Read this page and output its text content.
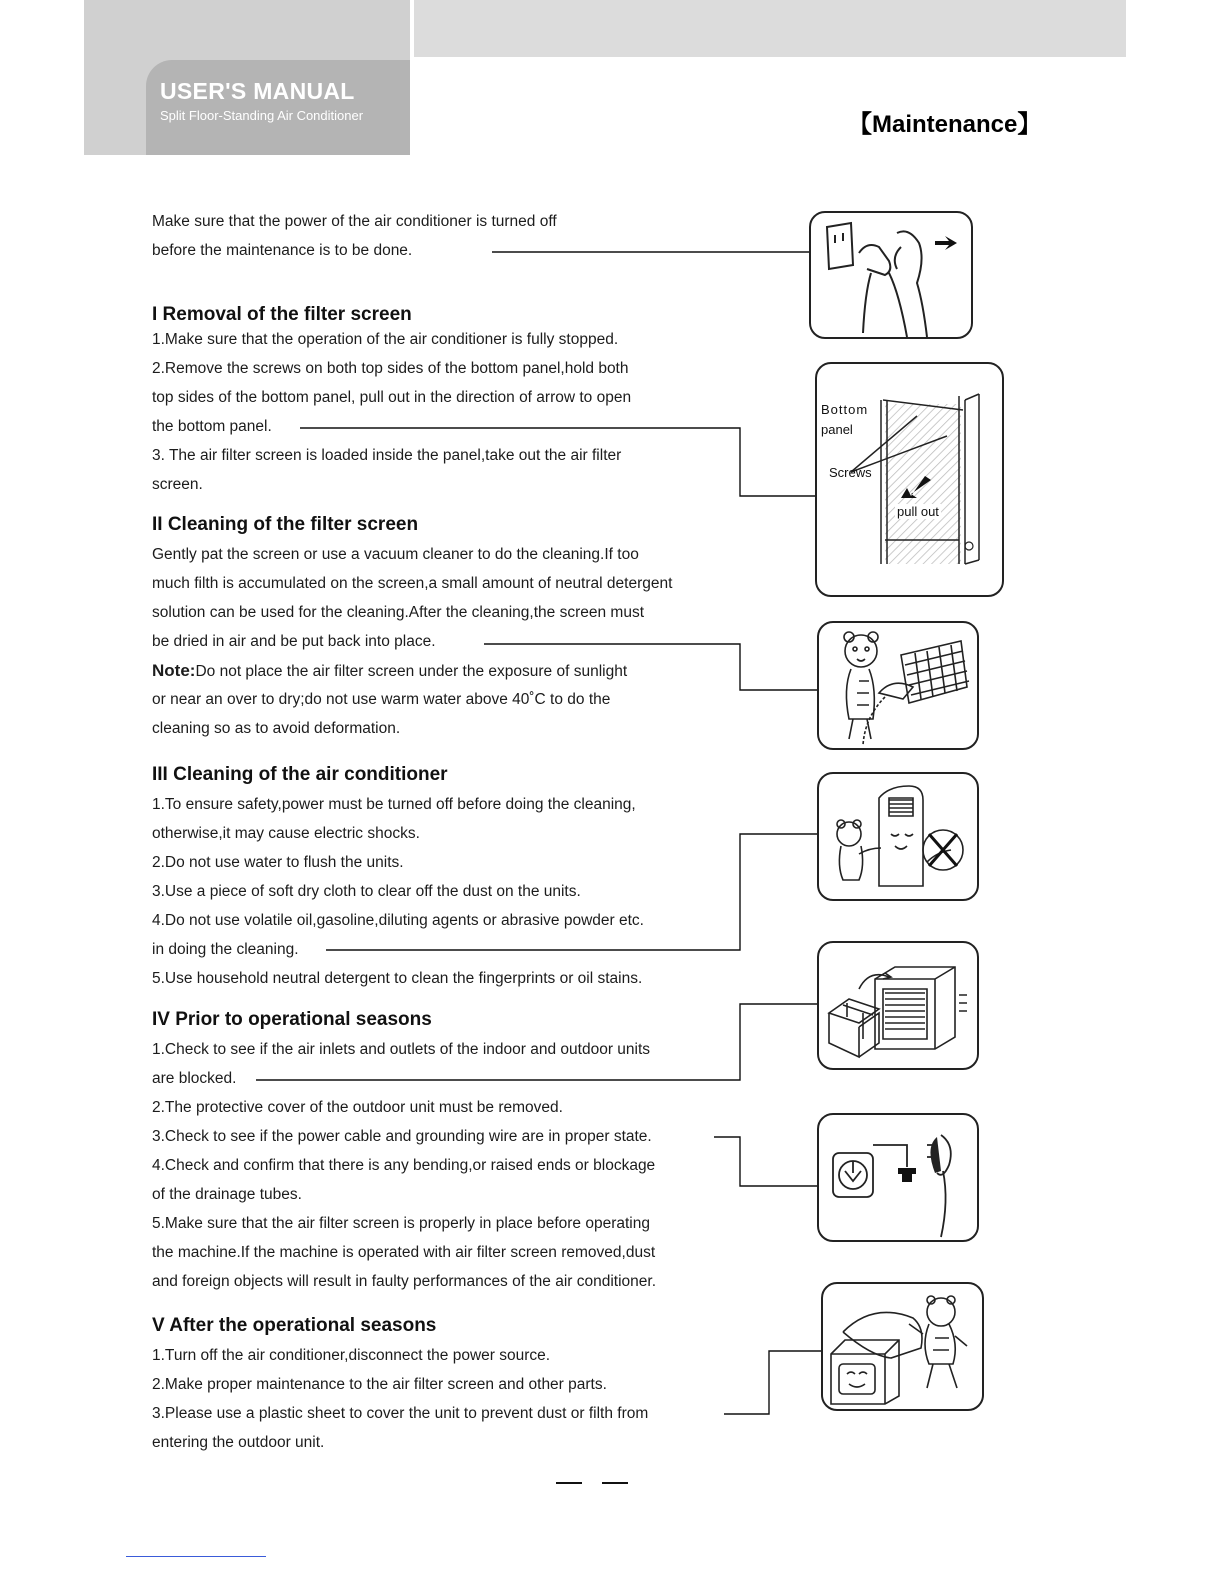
USER'S MANUAL
Split Floor-Standing Air Conditioner	【Maintenance】
Make sure that the power of the air conditioner is turned off
before the maintenance is to be done.
I Removal of the filter screen
1.Make sure that the operation of the air conditioner is fully stopped.
2.Remove the screws on both top sides of the bottom panel,hold both
top sides of the bottom panel, pull out in the direction of arrow to open
the bottom panel.
3. The air filter screen is loaded inside the panel,take out the air filter
screen.
II Cleaning of the filter screen
Gently pat the screen or use a vacuum cleaner to do the cleaning.If too
much filth is accumulated on the screen,a small amount of neutral detergent
solution can be used for the cleaning.After the cleaning,the screen must
be dried in air and be put back into place.
Note:Do not place the air filter screen under the exposure of sunlight
or near an over to dry;do not use warm water above 40˚C to do the
cleaning so as to avoid deformation.
III Cleaning of the air conditioner
1.To ensure safety,power must be turned off before doing the cleaning,
otherwise,it may cause electric shocks.
2.Do not use water to flush the units.
3.Use a piece of soft dry cloth to clear off the dust on the units.
4.Do not use volatile oil,gasoline,diluting agents or abrasive powder etc.
in doing the cleaning.
5.Use household neutral detergent to clean the fingerprints or oil stains.
IV Prior to operational seasons
1.Check to see if the air inlets and outlets of the indoor and outdoor units
are blocked.
2.The protective cover of the outdoor unit must be removed.
3.Check to see if the power cable and grounding wire are in proper state.
4.Check and confirm that there is any bending,or raised ends or blockage
of the drainage tubes.
5.Make sure that the air filter screen is properly in place before operating
the machine.If the machine is operated with air filter screen removed,dust
and foreign objects will result in faulty performances of the air conditioner.
V After the operational seasons
1.Turn off the air conditioner,disconnect the power source.
2.Make proper maintenance to the air filter screen and other parts.
3.Please use a plastic sheet to cover the unit to prevent dust or filth from
entering the outdoor unit.
Bottom
panel
Screws
pull out
